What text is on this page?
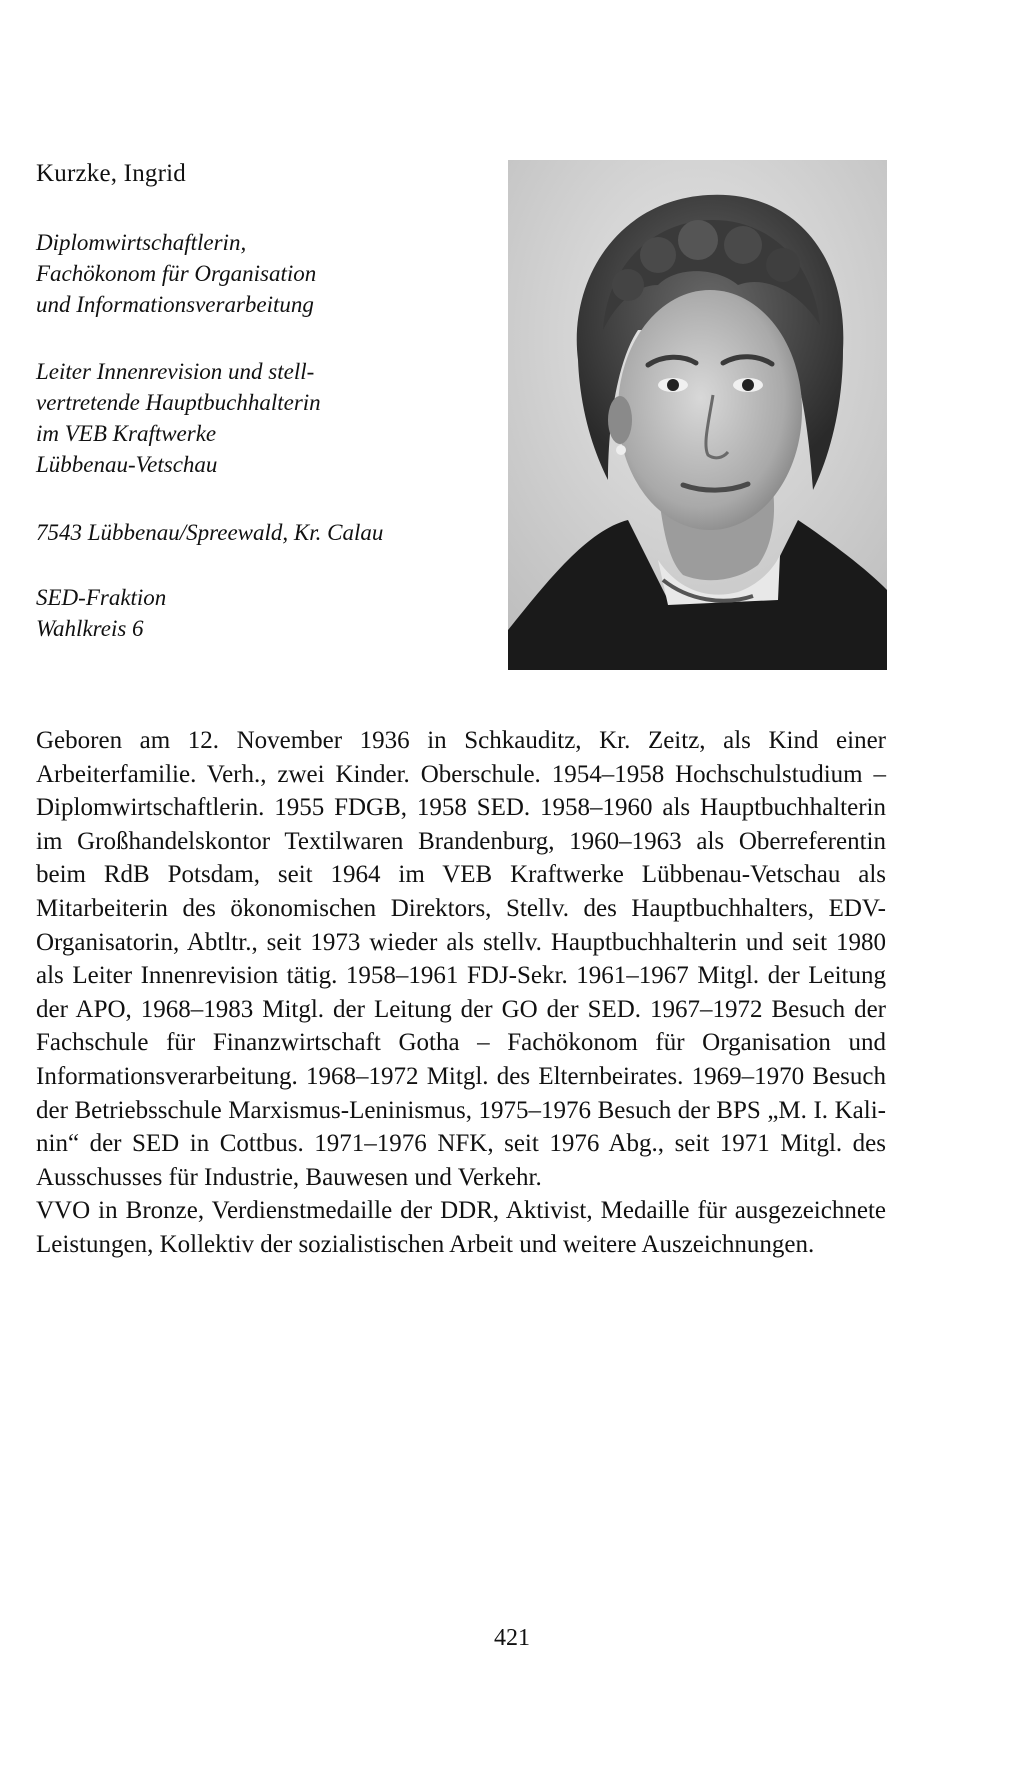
Kurzke, Ingrid
Diplomwirtschaftlerin,
Fachökonom für Organisation
und Informationsverarbeitung
Leiter Innenrevision und stell-
vertretende Hauptbuchhalterin
im VEB Kraftwerke
Lübbenau-Vetschau
7543 Lübbenau/Spreewald, Kr. Calau
SED-Fraktion
Wahlkreis 6

Geboren am 12. November 1936 in Schkauditz, Kr. Zeitz, als Kind einer Arbeiterfamilie. Verh., zwei Kinder. Oberschule. 1954–1958 Hochschulstudium – Diplomwirtschaftlerin. 1955 FDGB, 1958 SED. 1958–1960 als Hauptbuchhalterin im Großhandelskontor Textilwaren Brandenburg, 1960–1963 als Oberreferentin beim RdB Potsdam, seit 1964 im VEB Kraftwerke Lübbenau-Vetschau als Mitarbeiterin des ökonomischen Direktors, Stellv. des Hauptbuchhalters, EDV-Organisatorin, Abtltr., seit 1973 wieder als stellv. Hauptbuchhalterin und seit 1980 als Leiter Innenrevision tätig. 1958–1961 FDJ-Sekr. 1961–1967 Mitgl. der Leitung der APO, 1968–1983 Mitgl. der Leitung der GO der SED. 1967–1972 Besuch der Fachschule für Finanzwirtschaft Gotha – Fachökonom für Organisation und Informationsverarbeitung. 1968–1972 Mitgl. des Elternbeirates. 1969–1970 Besuch der Betriebsschule Marxismus-Leninismus, 1975–1976 Besuch der BPS „M. I. Kalinin“ der SED in Cottbus. 1971–1976 NFK, seit 1976 Abg., seit 1971 Mitgl. des Ausschusses für Industrie, Bauwesen und Verkehr.

VVO in Bronze, Verdienstmedaille der DDR, Aktivist, Medaille für ausgezeichnete Leistungen, Kollektiv der sozialistischen Arbeit und weitere Auszeichnungen.

421
